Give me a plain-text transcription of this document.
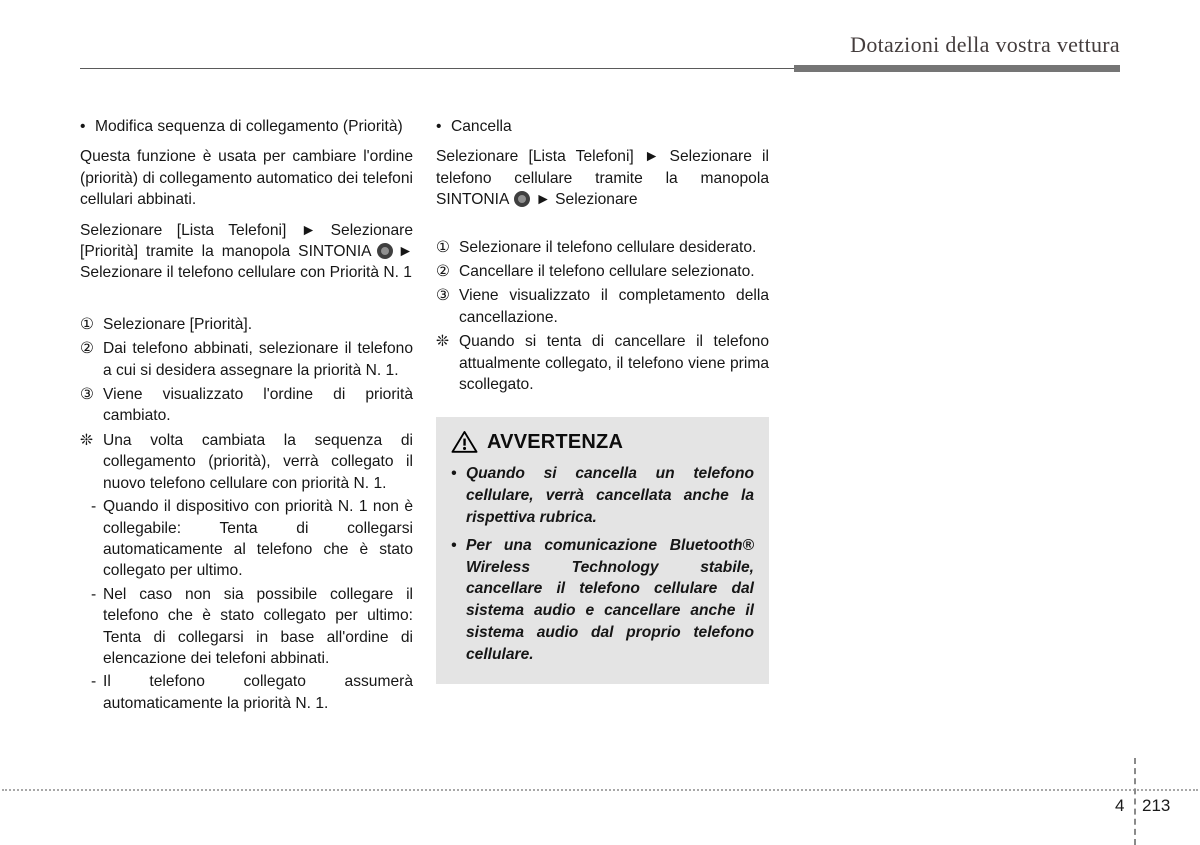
Dotazioni della vostra vettura
• Modifica sequenza di collegamento (Priorità)

Questa funzione è usata per cambiare l'ordine (priorità) di collegamento automatico dei telefoni cellulari abbinati.

Selezionare [Lista Telefoni] ► Selezionare [Priorità] tramite la manopola SINTONIA ► Selezionare il telefono cellulare con Priorità N. 1

① Selezionare [Priorità].
② Dai telefono abbinati, selezionare il telefono a cui si desidera assegnare la priorità N. 1.
③ Viene visualizzato l'ordine di priorità cambiato.
❊ Una volta cambiata la sequenza di collegamento (priorità), verrà collegato il nuovo telefono cellulare con priorità N. 1.
- Quando il dispositivo con priorità N. 1 non è collegabile: Tenta di collegarsi automaticamente al telefono che è stato collegato per ultimo.
- Nel caso non sia possibile collegare il telefono che è stato collegato per ultimo: Tenta di collegarsi in base all'ordine di elencazione dei telefoni abbinati.
- Il telefono collegato assumerà automaticamente la priorità N. 1.
• Cancella

Selezionare [Lista Telefoni] ► Selezionare il telefono cellulare tramite la manopola SINTONIA ► Selezionare

① Selezionare il telefono cellulare desiderato.
② Cancellare il telefono cellulare selezionato.
③ Viene visualizzato il completamento della cancellazione.
❊ Quando si tenta di cancellare il telefono attualmente collegato, il telefono viene prima scollegato.
AVVERTENZA
• Quando si cancella un telefono cellulare, verrà cancellata anche la rispettiva rubrica.
• Per una comunicazione Bluetooth® Wireless Technology stabile, cancellare il telefono cellulare dal sistema audio e cancellare anche il sistema audio dal proprio telefono cellulare.
4 213
